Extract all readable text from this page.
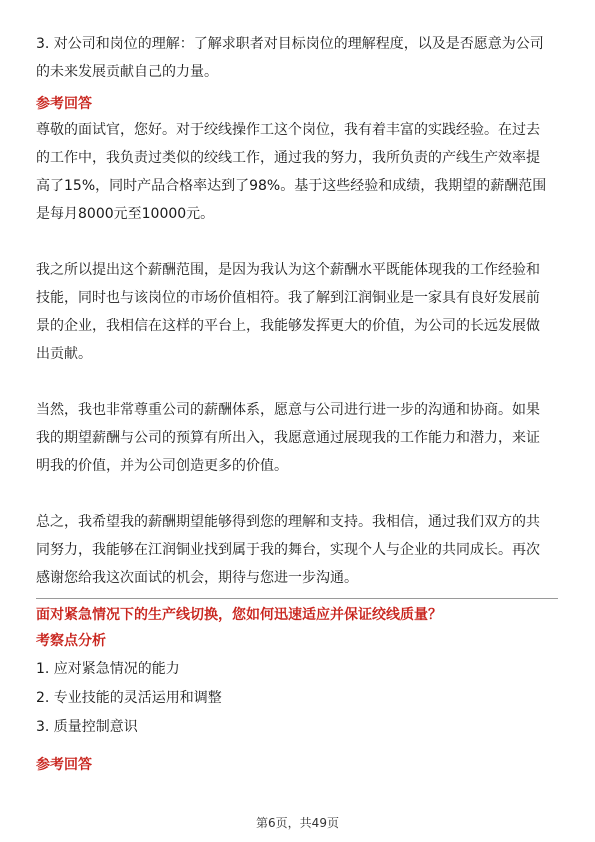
3. 对公司和岗位的理解：了解求职者对目标岗位的理解程度，以及是否愿意为公司

的未来发展贡献自己的力量。

参考回答

尊敬的面试官，您好。对于绞线操作工这个岗位，我有着丰富的实践经验。在过去

的工作中，我负责过类似的绞线工作，通过我的努力，我所负责的产线生产效率提

高了15%，同时产品合格率达到了98%。基于这些经验和成绩，我期望的薪酬范围

是每月8000元至10000元。

我之所以提出这个薪酬范围，是因为我认为这个薪酬水平既能体现我的工作经验和

技能，同时也与该岗位的市场价值相符。我了解到江润铜业是一家具有良好发展前

景的企业，我相信在这样的平台上，我能够发挥更大的价值，为公司的长远发展做

出贡献。

当然，我也非常尊重公司的薪酬体系，愿意与公司进行进一步的沟通和协商。如果

我的期望薪酬与公司的预算有所出入，我愿意通过展现我的工作能力和潜力，来证

明我的价值，并为公司创造更多的价值。

总之，我希望我的薪酬期望能够得到您的理解和支持。我相信，通过我们双方的共

同努力，我能够在江润铜业找到属于我的舞台，实现个人与企业的共同成长。再次

感谢您给我这次面试的机会，期待与您进一步沟通。

面对紧急情况下的生产线切换，您如何迅速适应并保证绞线质量？

考察点分析

1. 应对紧急情况的能力

2. 专业技能的灵活运用和调整

3. 质量控制意识

参考回答

第6页，共49页
